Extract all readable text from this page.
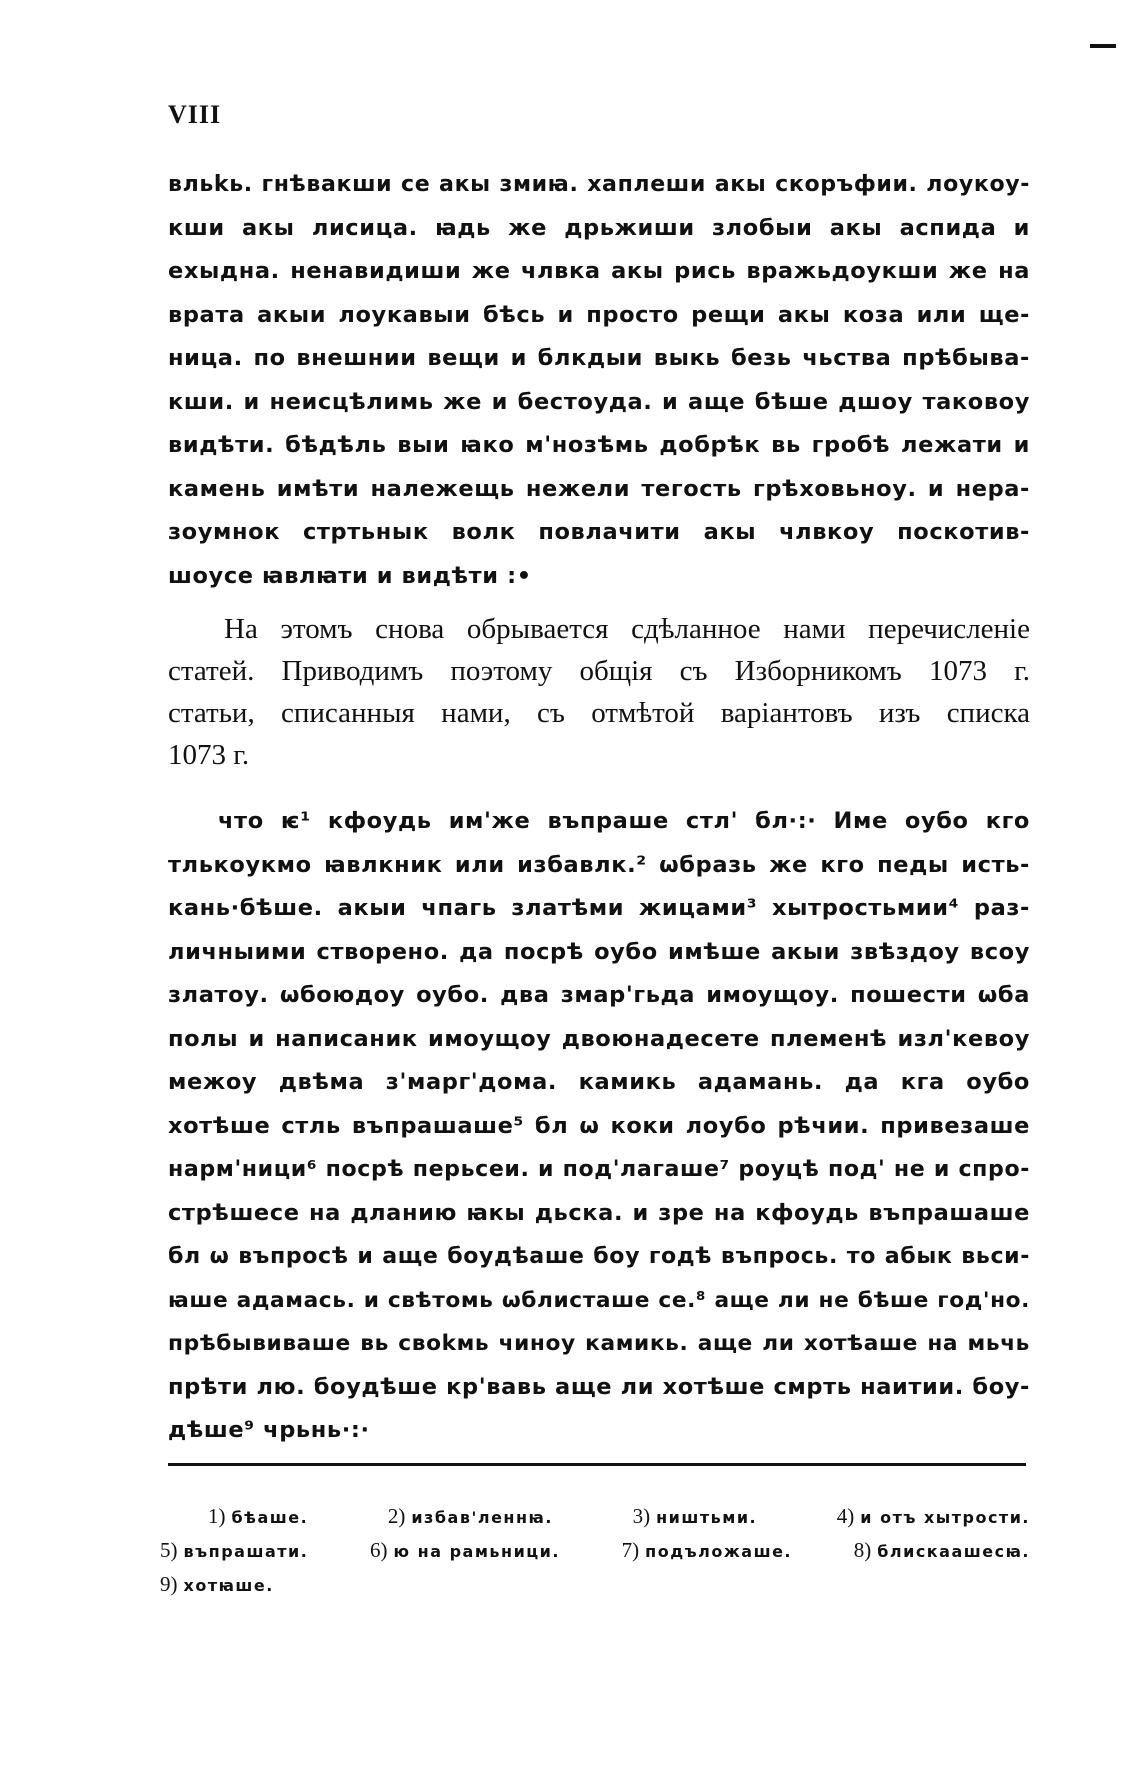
VIII
вльkь. гнѣвакши се акы змиꙗ. хаплеши акы скоръфии. лоукоу-
кши акы лисица. ꙗдь же дрьжиши злобыи акы аспида и
ехыдна. ненавидиши же члвка акы рись вражьдоукши же на
врата акыи лоукавыи бѣсь и просто рещи акы коза или ще-
ница. по внешнии вещи и блкдыи выкь безь чьства прѣбыва-
кши. и неисцѣлимь же и бестоуда. и аще бѣше дшоу таковоу
видѣти. бѣдѣль выи ꙗко м'нозѣмь добрѣк вь гробѣ лежати и
камень имѣти належещь нежели тегость грѣховьноу. и нера-
зоумнок стртьнык волк повлачити акы члвкоу поскотив-
шоусе ꙗвлꙗти и видѣти :•
На этомъ снова обрывается сдѣланное нами перечисленіе
статей. Приводимъ поэтому общія съ Изборникомъ 1073 г.
статьи, списанныя нами, съ отмѣтой варіантовъ изъ списка
1073 г.
что ѥ¹ кфоудь им'же въпраше стл' бл·:· Име оубо кго
тлькоукмо ꙗвлкник или избавлк.² ѡбразь же кго педы исть-
кань·бѣше. акыи чпагь златѣми жицами³ хытростьмии⁴ раз-
личныими створено. да посрѣ оубо имѣше акыи звѣздоу всоу
златоу. ѡбоюдоу оубо. два змар'гьда имоущоу. пошести ѡба
полы и написаник имоущоу двоюнадесете племенѣ изл'кевоу
межоу двѣма з'марг'дома. камикь адамань. да кга оубо
хотѣше стль въпрашаше⁵ бл ѡ коки лоубо рѣчии. привезаше
нарм'ници⁶ посрѣ перьсеи. и под'лагаше⁷ роуцѣ под' не и спро-
стрѣшесе на дланию ꙗкы дьска. и зре на кфоудь въпрашаше
бл ѡ въпросѣ и аще боудѣаше боу годѣ въпрось. то абык вьси-
ꙗше адамась. и свѣтомь ѡблисташе се.⁸ аще ли не бѣше год'но.
прѣбывиваше вь своkмь чиноу камикь. аще ли хотѣаше на мьчь
прѣти лю. боудѣше кр'вавь аще ли хотѣше смрть наитии. боу-
дѣше⁹ чрьнь·:·
1) бѣаше.	2) избав'леннꙗ.	3) ништьми.	4) и отъ хытрости.
5) въпрашати.	6) ю на рамьници.	7) подъложаше.	8) блискаашесꙗ.
9) хотꙗше.
